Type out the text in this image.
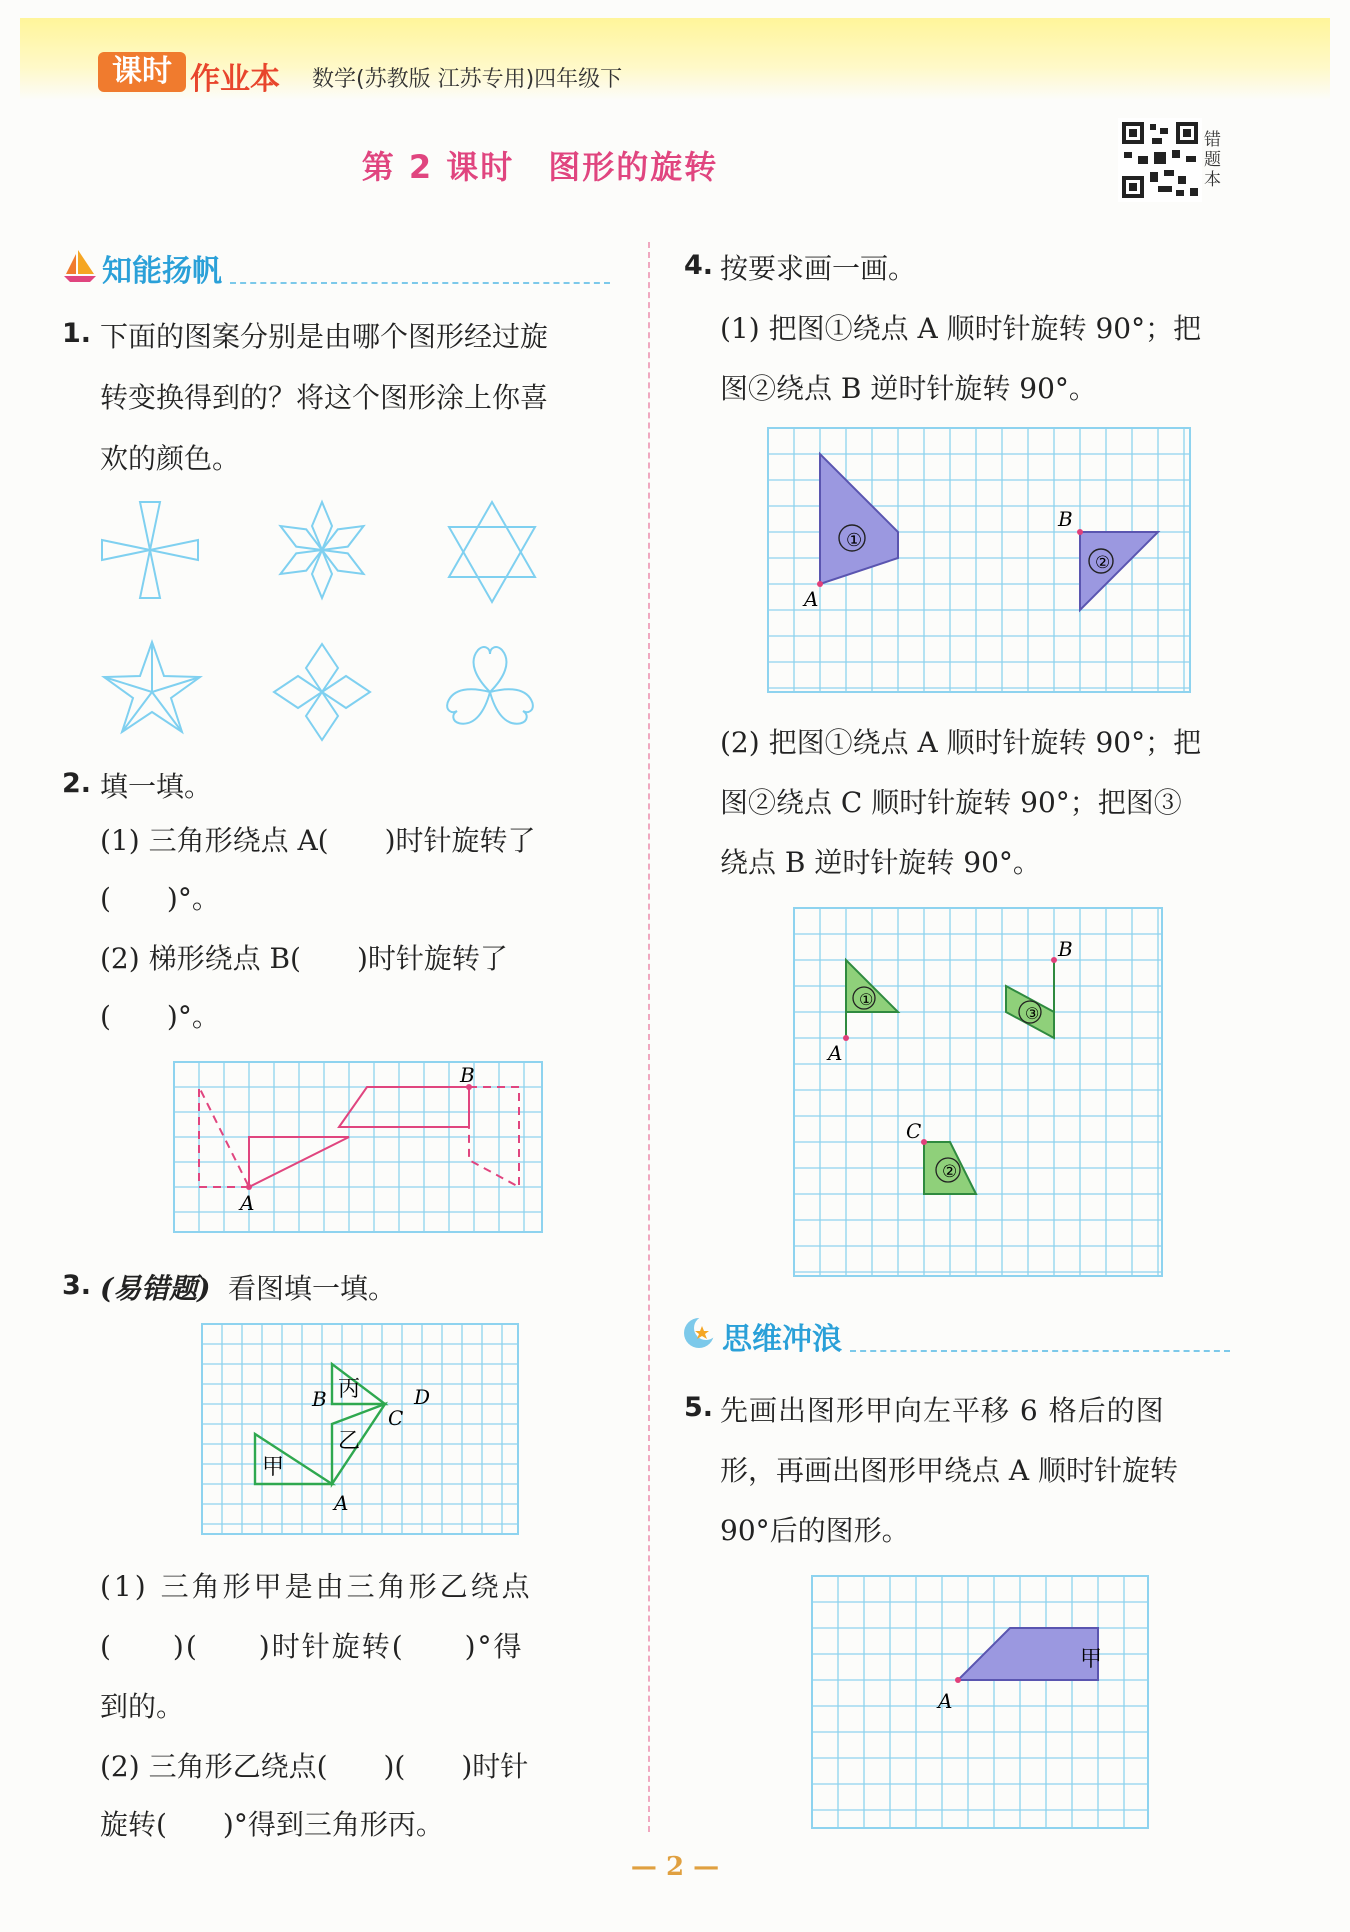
课时 作业本 数学(苏教版 江苏专用)四年级下
第 2 课时　图形的旋转
错题本
知能扬帆
1. 下面的图案分别是由哪个图形经过旋
转变换得到的？将这个图形涂上你喜
欢的颜色。
2. 填一填。
(1) 三角形绕点 A(　　)时针旋转了
(　　)°。
(2) 梯形绕点 B(　　)时针旋转了
(　　)°。
A
B
3. (易错题) 看图填一填。
甲
乙
丙
B
C
D
A
(1) 三角形甲是由三角形乙绕点
(　　)(　　)时针旋转(　　)°得
到的。
(2) 三角形乙绕点(　　)(　　)时针
旋转(　　)°得到三角形丙。
4. 按要求画一画。
(1) 把图①绕点 A 顺时针旋转 90°；把
图②绕点 B 逆时针旋转 90°。
①
②
A
B
(2) 把图①绕点 A 顺时针旋转 90°；把
图②绕点 C 顺时针旋转 90°；把图③
绕点 B 逆时针旋转 90°。
①
②
③
A
B
C
思维冲浪
5. 先画出图形甲向左平移 6 格后的图
形，再画出图形甲绕点 A 顺时针旋转
90°后的图形。
甲
A
— 2 —
